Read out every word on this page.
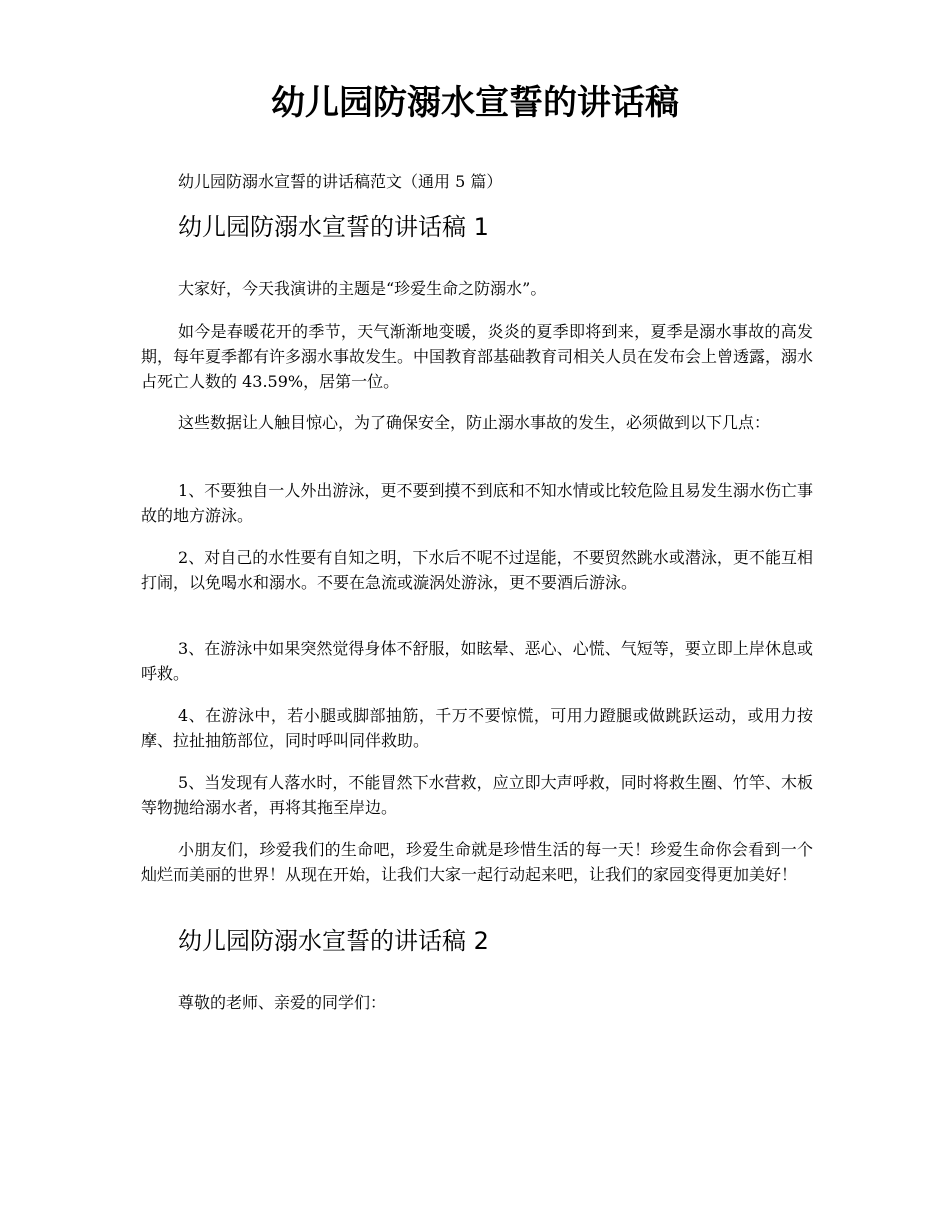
幼儿园防溺水宣誓的讲话稿

幼儿园防溺水宣誓的讲话稿范文（通用 5 篇）

幼儿园防溺水宣誓的讲话稿 1

大家好，今天我演讲的主题是“珍爱生命之防溺水”。

如今是春暖花开的季节，天气渐渐地变暖，炎炎的夏季即将到来，夏季是溺水事故的高发期，每年夏季都有许多溺水事故发生。中国教育部基础教育司相关人员在发布会上曾透露，溺水占死亡人数的 43.59%，居第一位。

这些数据让人触目惊心，为了确保安全，防止溺水事故的发生，必须做到以下几点：

1、不要独自一人外出游泳，更不要到摸不到底和不知水情或比较危险且易发生溺水伤亡事故的地方游泳。

2、对自己的水性要有自知之明，下水后不呢不过逞能，不要贸然跳水或潜泳，更不能互相打闹，以免喝水和溺水。不要在急流或漩涡处游泳，更不要酒后游泳。

3、在游泳中如果突然觉得身体不舒服，如眩晕、恶心、心慌、气短等，要立即上岸休息或呼救。

4、在游泳中，若小腿或脚部抽筋，千万不要惊慌，可用力蹬腿或做跳跃运动，或用力按摩、拉扯抽筋部位，同时呼叫同伴救助。

5、当发现有人落水时，不能冒然下水营救，应立即大声呼救，同时将救生圈、竹竿、木板等物抛给溺水者，再将其拖至岸边。

小朋友们，珍爱我们的生命吧，珍爱生命就是珍惜生活的每一天！珍爱生命你会看到一个灿烂而美丽的世界！从现在开始，让我们大家一起行动起来吧，让我们的家园变得更加美好！

幼儿园防溺水宣誓的讲话稿 2

尊敬的老师、亲爱的同学们：
